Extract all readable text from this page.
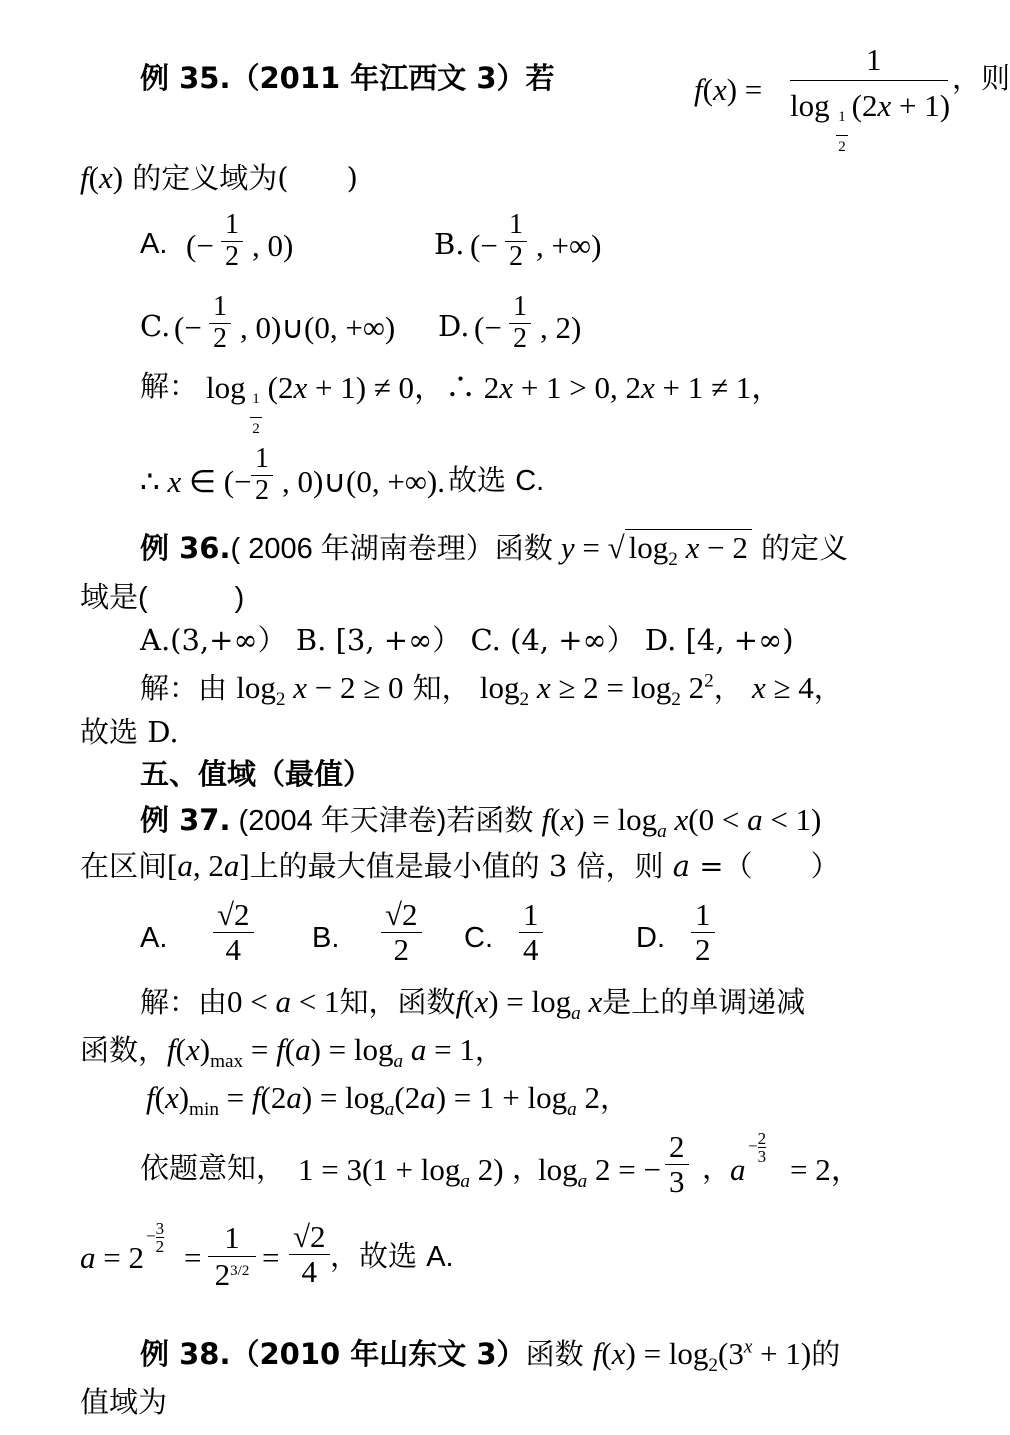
例 35.（2011 年江西文 3）若	f(x) =
1
log 1

2
(2x + 1)
，则
f(x) 的定义域为(　　)
A. (−
1
2 , 0)	B. (−
1
2 , +∞)
C. (−
1
2 , 0)∪(0, +∞) D. (−
1
2 , 2)
解： log 1

2
(2x + 1) ≠ 0，∴ 2x + 1 > 0, 2x + 1 ≠ 1，
∴ x ∈ (−
1
2 , 0)∪(0, +∞). 故选 C.
例 36.( 2006 年湖南卷理）函数 y = √ $\log_2 x - 2$ 的定义
域是(　　　)
A.(3,+∞） B. [3, +∞） C. (4, +∞） D. [4, +∞)
解：由 $\log_2 x - 2 \ge 0$ 知， $\log_2 x \ge 2 = \log_2 2^2$， x ≥ 4，
故选 D.
五、值域（最值）
例 37. (2004 年天津卷)若函数 $f(x) = \log_a x(0 < a < 1)$
在区间[a, 2a]上的最大值是最小值的 3 倍，则 a =（　　）
A.
√2
4	B.
√2
2	C.
1
4	D.
1
2
解：由0 < a < 1知，函数$f(x) = \log_a x$是上的单调递减
函数，$f(x)_{max} = f(a) = \log_a a = 1$，
$f(x)_{min} = f(2a) = \log_a(2a) = 1 + \log_a 2$，
依题意知， $1 = 3(1 + \log_a 2)$ ，
$\log_a 2$ = −
2
3 ，
a
− $\frac{2}{3}$
= 2，
a = 2
− $\frac{3}{2}$
=
1
$2^{3/2}$ =
√2
4 ，故选 A.
例 38.（2010 年山东文 3）函数 $f(x) = \log_2(3^x + 1)$的
值域为
